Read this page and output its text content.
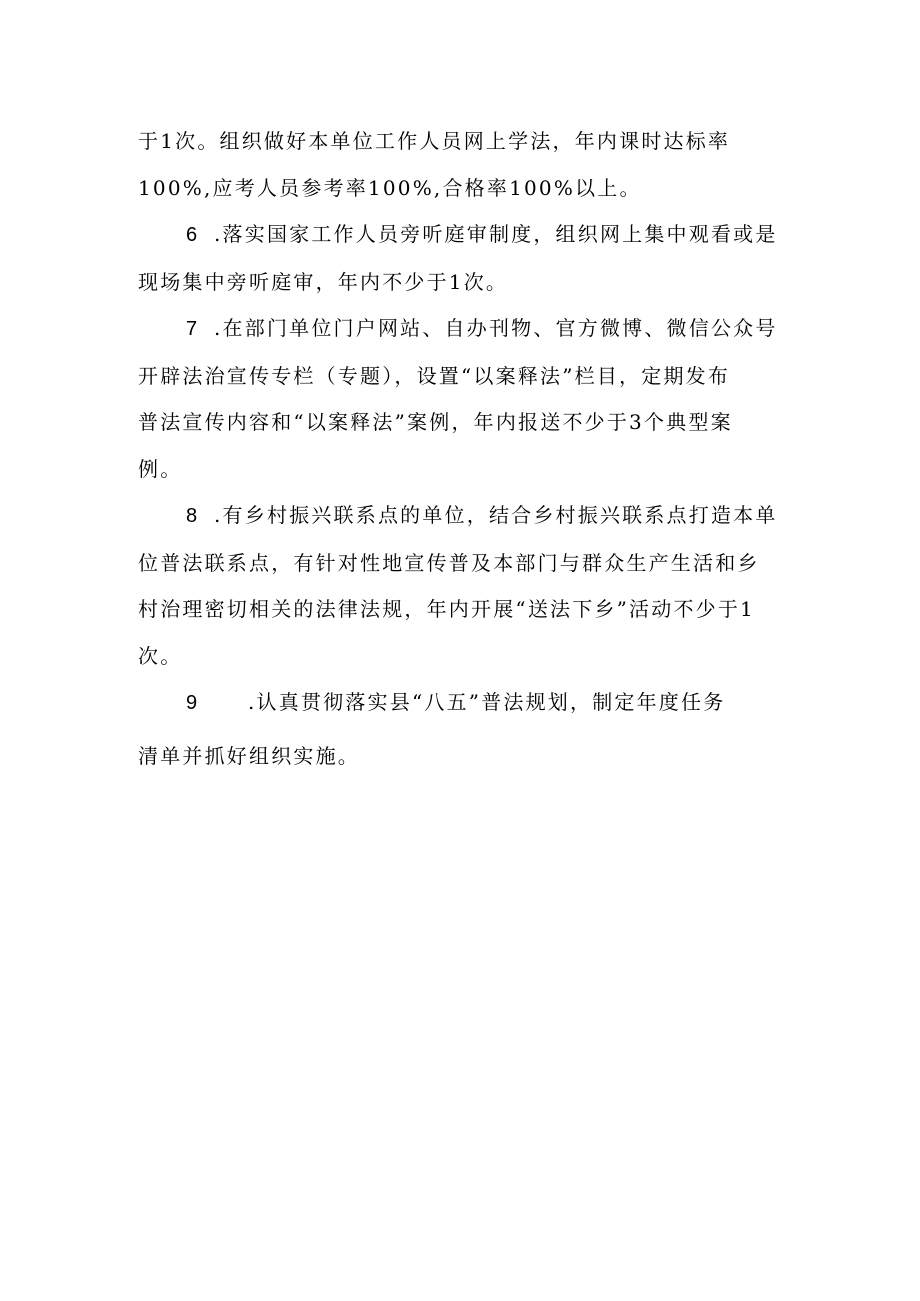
于1次。组织做好本单位工作人员网上学法，年内课时达标率
100%,应考人员参考率100%,合格率100%以上。
6 .落实国家工作人员旁听庭审制度，组织网上集中观看或是
现场集中旁听庭审，年内不少于1次。
7 .在部门单位门户网站、自办刊物、官方微博、微信公众号
开辟法治宣传专栏（专题），设置“以案释法”栏目，定期发布
普法宣传内容和“以案释法”案例，年内报送不少于3个典型案
例。
8 .有乡村振兴联系点的单位，结合乡村振兴联系点打造本单
位普法联系点，有针对性地宣传普及本部门与群众生产生活和乡
村治理密切相关的法律法规，年内开展“送法下乡”活动不少于1
次。
9	.认真贯彻落实县“八五”普法规划，制定年度任务
清单并抓好组织实施。
